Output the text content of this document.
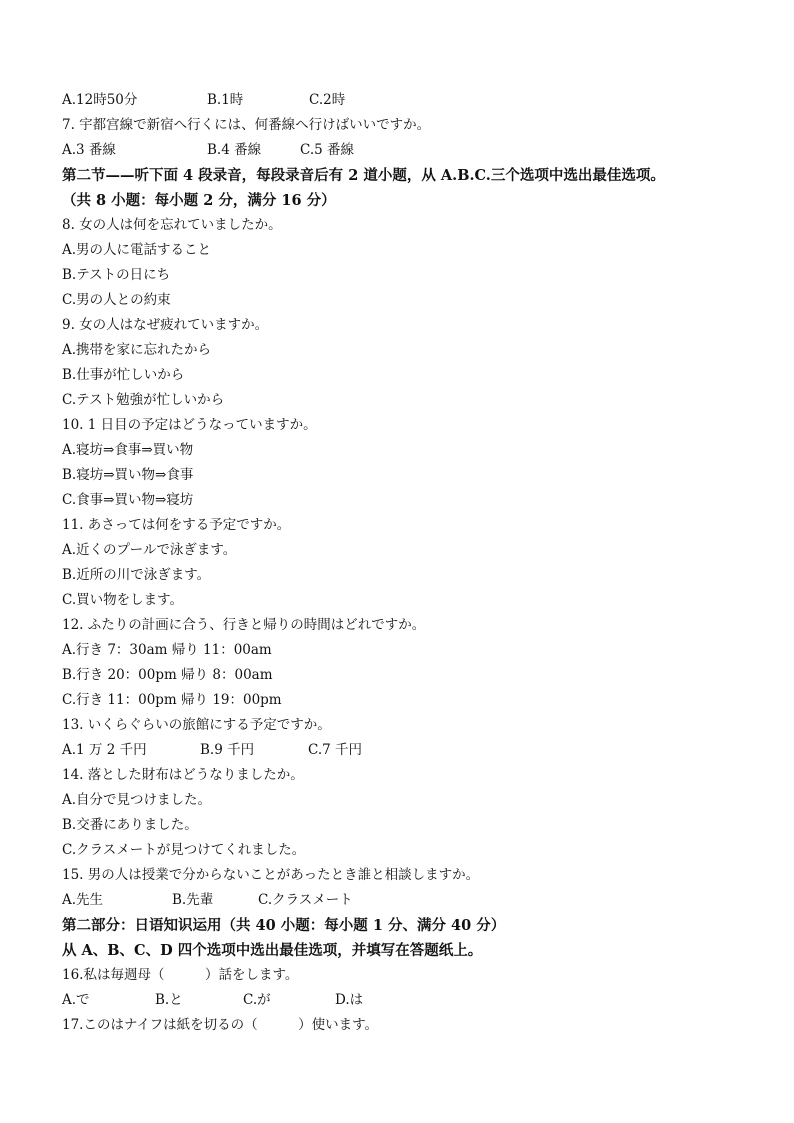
A.12時50分	B.1時	C.2時
7. 宇都宫線で新宿へ行くには、何番線へ行けばいいですか。
A.3 番線	B.4 番線	C.5 番線
第二节——听下面 4 段录音，每段录音后有 2 道小题，从 A.B.C.三个选项中选出最佳选项。
（共 8 小题：每小题 2 分，满分 16 分）
8. 女の人は何を忘れていましたか。
A.男の人に電話すること
B.テストの日にち
C.男の人との約束
9. 女の人はなぜ疲れていますか。
A.携帯を家に忘れたから
B.仕事が忙しいから
C.テスト勉強が忙しいから
10. 1 日目の予定はどうなっていますか。
A.寝坊⇒食事⇒買い物
B.寝坊⇒買い物⇒食事
C.食事⇒買い物⇒寝坊
11. あさっては何をする予定ですか。
A.近くのプールで泳ぎます。
B.近所の川で泳ぎます。
C.買い物をします。
12. ふたりの計画に合う、行きと帰りの時間はどれですか。
A.行き 7：30am 帰り 11：00am
B.行き 20：00pm 帰り 8：00am
C.行き 11：00pm 帰り 19：00pm
13. いくらぐらいの旅館にする予定ですか。
A.1 万 2 千円	B.9 千円	C.7 千円
14. 落とした財布はどうなりましたか。
A.自分で見つけました。
B.交番にありました。
C.クラスメートが見つけてくれました。
15. 男の人は授業で分からないことがあったとき誰と相談しますか。
A.先生	B.先輩	C.クラスメート
第二部分：日语知识运用（共 40 小题：每小题 1 分、满分 40 分）
从 A、B、C、D 四个选项中选出最佳选项，并填写在答题纸上。
16.私は毎週母（　　　）話をします。
A.で	B.と	C.が	D.は
17.このはナイフは紙を切るの（　　　）使います。
